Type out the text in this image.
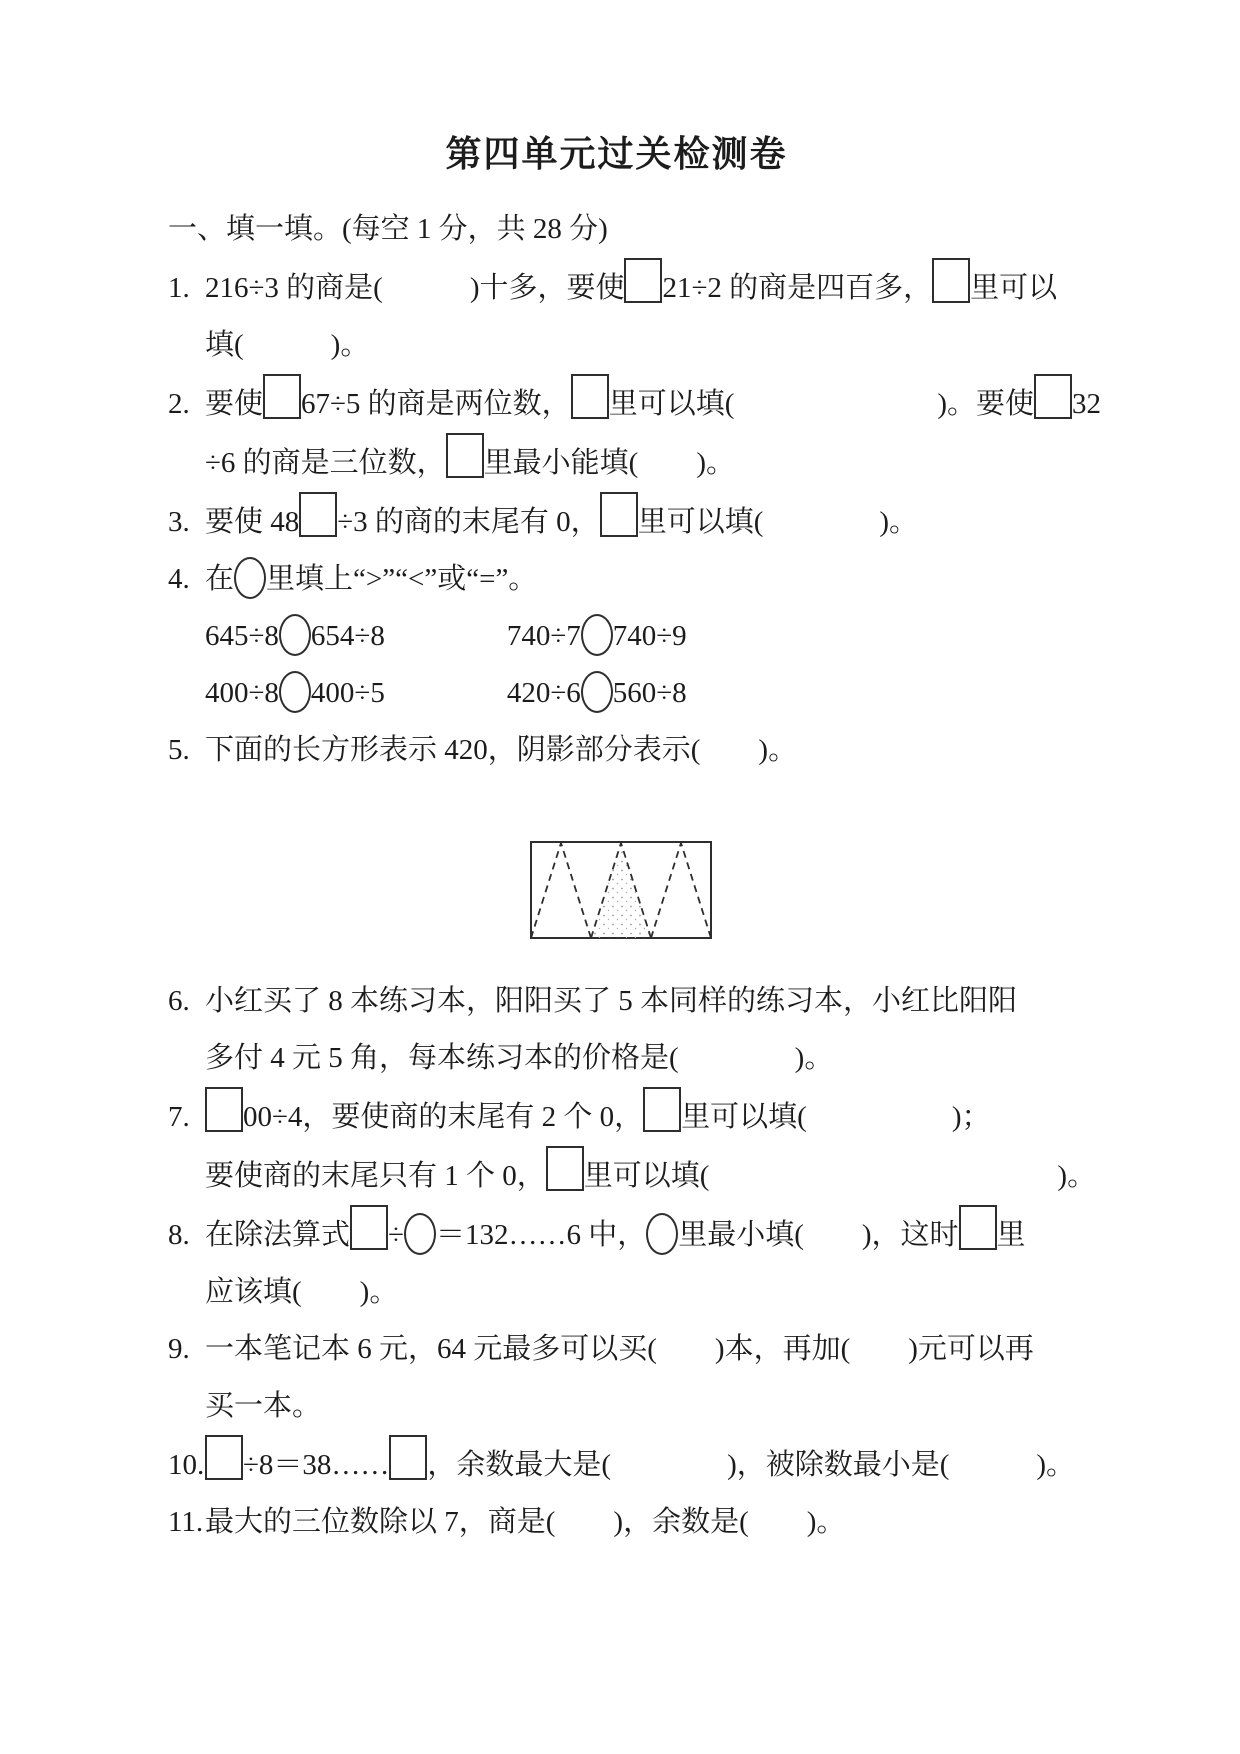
第四单元过关检测卷
一、填一填。(每空 1 分，共 28 分)
1. 216÷3 的商是(　　　)十多，要使 21÷2 的商是四百多， 里可以
填(　　　)。
2. 要使 67÷5 的商是两位数， 里可以填(　　　　　　　)。要使 32
÷6 的商是三位数， 里最小能填(　　)。
3. 要使 48 ÷3 的商的末尾有 0， 里可以填(　　　　)。
4. 在 里填上“>”“<”或“=”。
645÷8 654÷8	740÷7 740÷9
400÷8 400÷5	420÷6 560÷8
5. 下面的长方形表示 420，阴影部分表示(　　)。
6. 小红买了 8 本练习本，阳阳买了 5 本同样的练习本，小红比阳阳
多付 4 元 5 角，每本练习本的价格是(　　　　)。
7. 00÷4，要使商的末尾有 2 个 0， 里可以填(　　　　　)；
要使商的末尾只有 1 个 0， 里可以填(　　　　　　　　　　　　)。
8. 在除法算式 ÷ ＝132……6 中， 里最小填(　　)，这时 里
应该填(　　)。
9. 一本笔记本 6 元，64 元最多可以买(　　)本，再加(　　)元可以再
买一本。
10. ÷8＝38…… ，余数最大是(　　　　)，被除数最小是(　　　)。
11.最大的三位数除以 7，商是(　　)，余数是(　　)。
